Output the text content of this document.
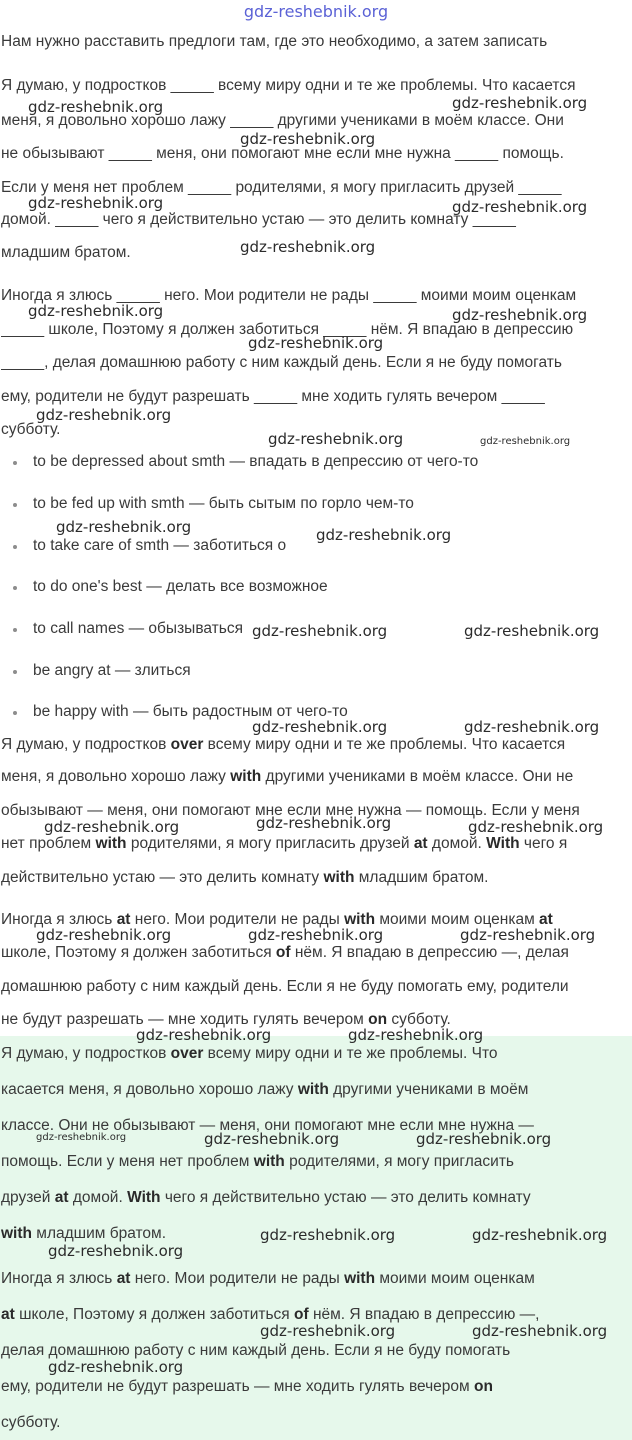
gdz-reshebnik.org
Нам нужно расставить предлоги там, где это необходимо, а затем записать
Я думаю, у подростков _____ всему миру одни и те же проблемы. Что касается
меня, я довольно хорошо лажу _____ другими учениками в моём классе. Они
не обызывают _____ меня, они помогают мне если мне нужна _____ помощь.
Если у меня нет проблем _____ родителями, я могу пригласить друзей _____
домой. _____ чего я действительно устаю — это делить комнату _____
младшим братом.
Иногда я злюсь _____ него. Мои родители не рады _____ моими моим оценкам
_____ школе, Поэтому я должен заботиться _____ нём. Я впадаю в депрессию
_____, делая домашнюю работу с ним каждый день. Если я не буду помогать
ему, родители не будут разрешать _____ мне ходить гулять вечером _____
субботу.
to be depressed about smth — впадать в депрессию от чего-то
to be fed up with smth — быть сытым по горло чем-то
to take care of smth — заботиться о
to do one's best — делать все возможное
to call names — обызываться
be angry at — злиться
be happy with — быть радостным от чего-то
Я думаю, у подростков over всему миру одни и те же проблемы. Что касается
меня, я довольно хорошо лажу with другими учениками в моём классе. Они не
обызывают — меня, они помогают мне если мне нужна — помощь. Если у меня
нет проблем with родителями, я могу пригласить друзей at домой. With чего я
действительно устаю — это делить комнату with младшим братом.
Иногда я злюсь at него. Мои родители не рады with моими моим оценкам at
школе, Поэтому я должен заботиться of нём. Я впадаю в депрессию —, делая
домашнюю работу с ним каждый день. Если я не буду помогать ему, родители
не будут разрешать — мне ходить гулять вечером on субботу.
Я думаю, у подростков over всему миру одни и те же проблемы. Что
касается меня, я довольно хорошо лажу with другими учениками в моём
классе. Они не обызывают — меня, они помогают мне если мне нужна —
помощь. Если у меня нет проблем with родителями, я могу пригласить
друзей at домой. With чего я действительно устаю — это делить комнату
with младшим братом.
Иногда я злюсь at него. Мои родители не рады with моими моим оценкам
at школе, Поэтому я должен заботиться of нём. Я впадаю в депрессию —,
делая домашнюю работу с ним каждый день. Если я не буду помогать
ему, родители не будут разрешать — мне ходить гулять вечером on
субботу.
gdz-reshebnik.org	gdz-reshebnik.org
gdz-reshebnik.org
gdz-reshebnik.org	gdz-reshebnik.org
gdz-reshebnik.org
gdz-reshebnik.org	gdz-reshebnik.org
gdz-reshebnik.org
gdz-reshebnik.org
gdz-reshebnik.org	gdz-reshebnik.org
gdz-reshebnik.org	gdz-reshebnik.org
gdz-reshebnik.org	gdz-reshebnik.org
gdz-reshebnik.org	gdz-reshebnik.org
gdz-reshebnik.org	gdz-reshebnik.org	gdz-reshebnik.org
gdz-reshebnik.org	gdz-reshebnik.org	gdz-reshebnik.org
gdz-reshebnik.org	gdz-reshebnik.org
gdz-reshebnik.org	gdz-reshebnik.org	gdz-reshebnik.org
gdz-reshebnik.org	gdz-reshebnik.org
gdz-reshebnik.org
gdz-reshebnik.org	gdz-reshebnik.org
gdz-reshebnik.org
